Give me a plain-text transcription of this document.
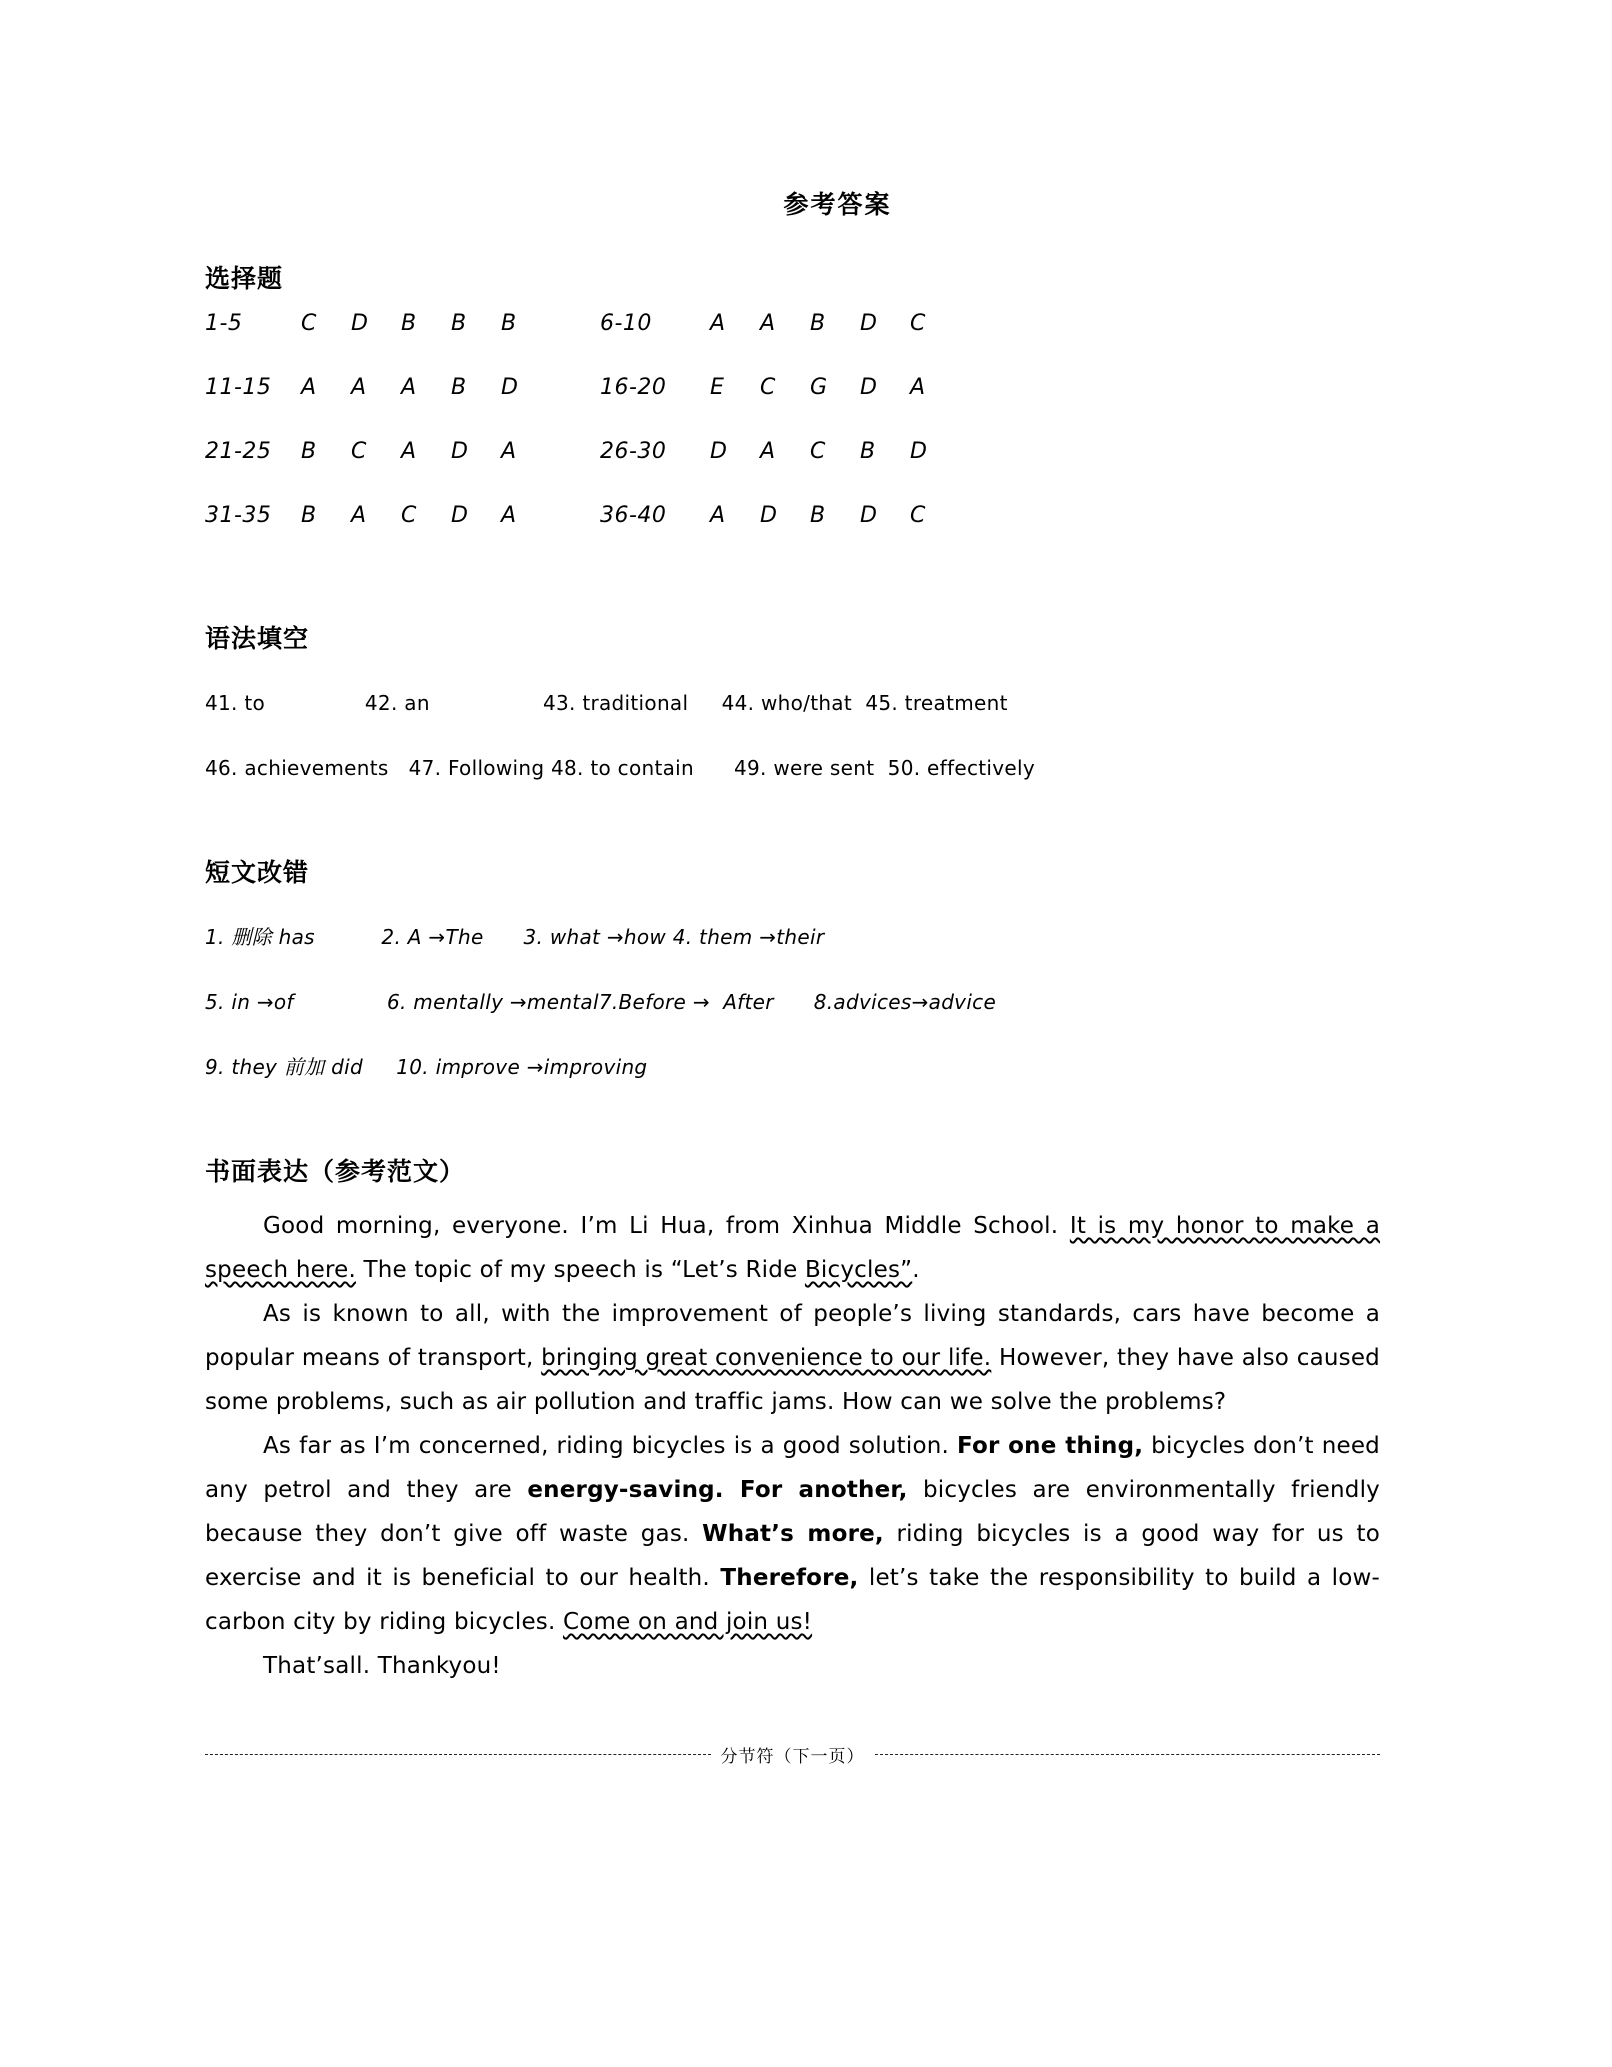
参考答案
选择题
1-5	C	D	B	B	B	6-10	A	A	B	D	C
11-15	A	A	A	B	D	16-20	E	C	G	D	A
21-25	B	C	A	D	A	26-30	D	A	C	B	D
31-35	B	A	C	D	A	36-40	A	D	B	D	C
语法填空
41. to               42. an                 43. traditional     44. who/that  45. treatment
46. achievements   47. Following 48. to contain      49. were sent  50. effectively
短文改错
1. 删除 has          2. A →The      3. what →how 4. them →their
5. in →of              6. mentally →mental7.Before →  After      8.advices→advice
9. they 前加 did     10. improve →improving
书面表达（参考范文）

Good morning, everyone. I’m Li Hua, from Xinhua Middle School. It is my honor to make a speech here. The topic of my speech is “Let’s Ride Bicycles”.

As is known to all, with the improvement of people’s living standards, cars have become a popular means of transport, bringing great convenience to our life. However, they have also caused some problems, such as air pollution and traffic jams. How can we solve the problems?

As far as I’m concerned, riding bicycles is a good solution. For one thing, bicycles don’t need any petrol and they are energy-saving. For another, bicycles are environmentally friendly because they don’t give off waste gas. What’s more, riding bicycles is a good way for us to exercise and it is beneficial to our health. Therefore, let’s take the responsibility to build a low-carbon city by riding bicycles. Come on and join us!

That’sall. Thankyou!

分节符（下一页）
